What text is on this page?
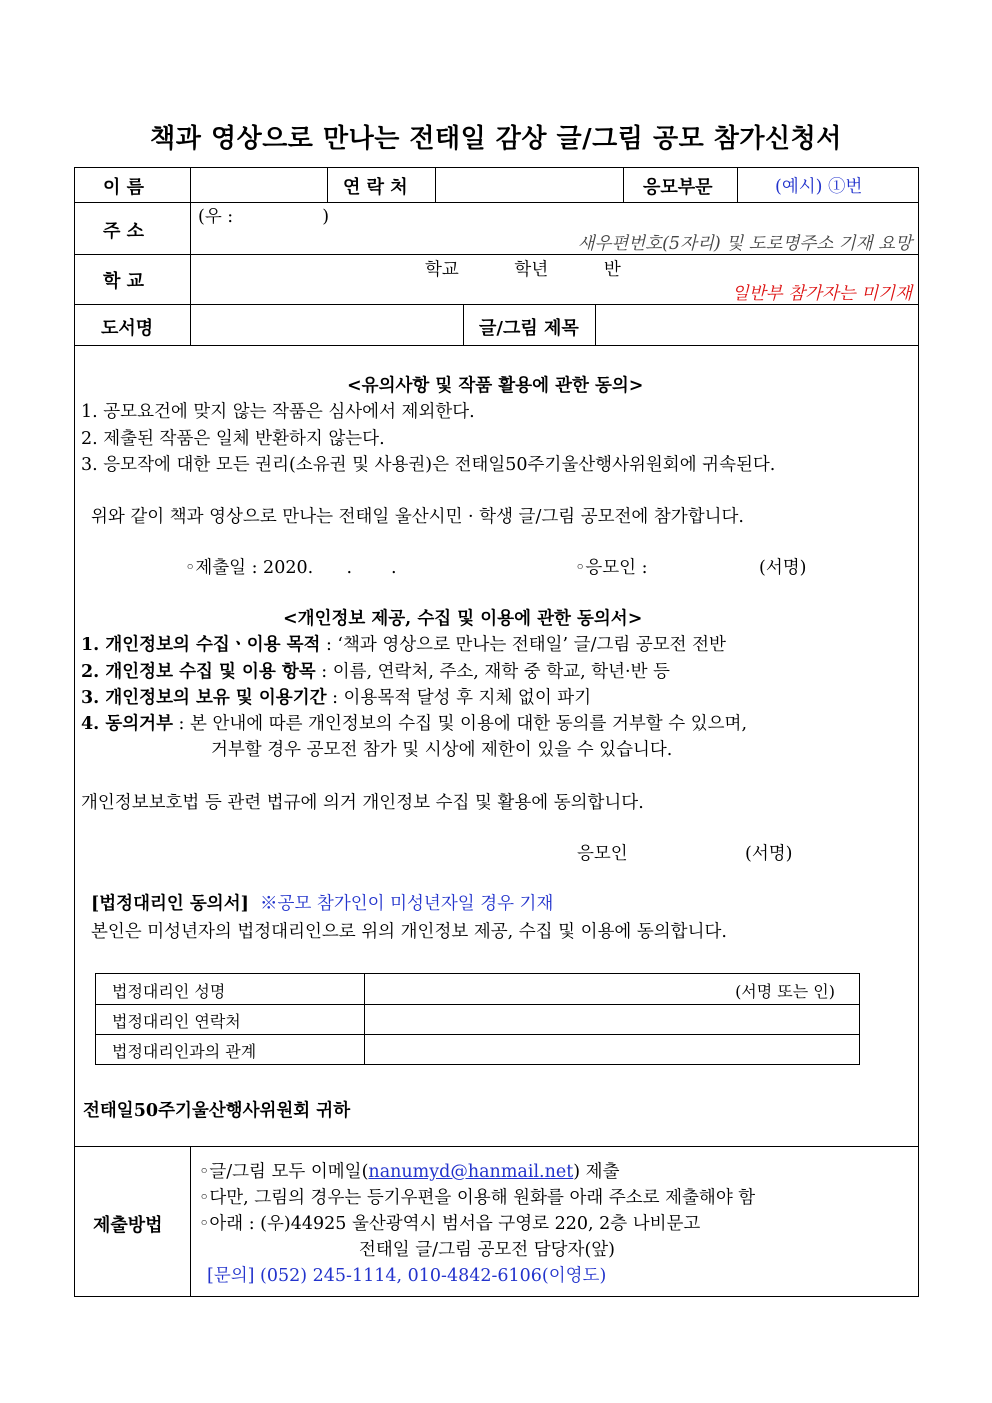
책과 영상으로 만나는 전태일 감상 글/그림 공모 참가신청서
이 름	연 락 처	응모부문	(예시) ①번
주 소
(우 :                )
새우편번호(5자리) 및 도로명주소 기재 요망
학 교
학교          학년          반
일반부 참가자는 미기재
도서명	글/그림 제목
<유의사항 및 작품 활용에 관한 동의>
1. 공모요건에 맞지 않는 작품은 심사에서 제외한다.
2. 제출된 작품은 일체 반환하지 않는다.
3. 응모작에 대한 모든 권리(소유권 및 사용권)은 전태일50주기울산행사위원회에 귀속된다.
위와 같이 책과 영상으로 만나는 전태일 울산시민 · 학생 글/그림 공모전에 참가합니다.
◦제출일 : 2020.      .       .	◦응모인 :	(서명)
<개인정보 제공, 수집 및 이용에 관한 동의서>
1. 개인정보의 수집ㆍ이용 목적 : ‘책과 영상으로 만나는 전태일’ 글/그림 공모전 전반
2. 개인정보 수집 및 이용 항목 : 이름, 연락처, 주소, 재학 중 학교, 학년·반 등
3. 개인정보의 보유 및 이용기간 : 이용목적 달성 후 지체 없이 파기
4. 동의거부 : 본 안내에 따른 개인정보의 수집 및 이용에 대한 동의를 거부할 수 있으며,
거부할 경우 공모전 참가 및 시상에 제한이 있을 수 있습니다.
개인정보보호법 등 관련 법규에 의거 개인정보 수집 및 활용에 동의합니다.
응모인	(서명)
[법정대리인 동의서] ※공모 참가인이 미성년자일 경우 기재
본인은 미성년자의 법정대리인으로 위의 개인정보 제공, 수집 및 이용에 동의합니다.
법정대리인 성명	(서명 또는 인)
법정대리인 연락처
법정대리인과의 관계
전태일50주기울산행사위원회 귀하
제출방법
◦글/그림 모두 이메일(nanumyd@hanmail.net) 제출
◦다만, 그림의 경우는 등기우편을 이용해 원화를 아래 주소로 제출해야 함
◦아래 : (우)44925 울산광역시 범서읍 구영로 220, 2층 나비문고
전태일 글/그림 공모전 담당자(앞)
[문의] (052) 245-1114, 010-4842-6106(이영도)
